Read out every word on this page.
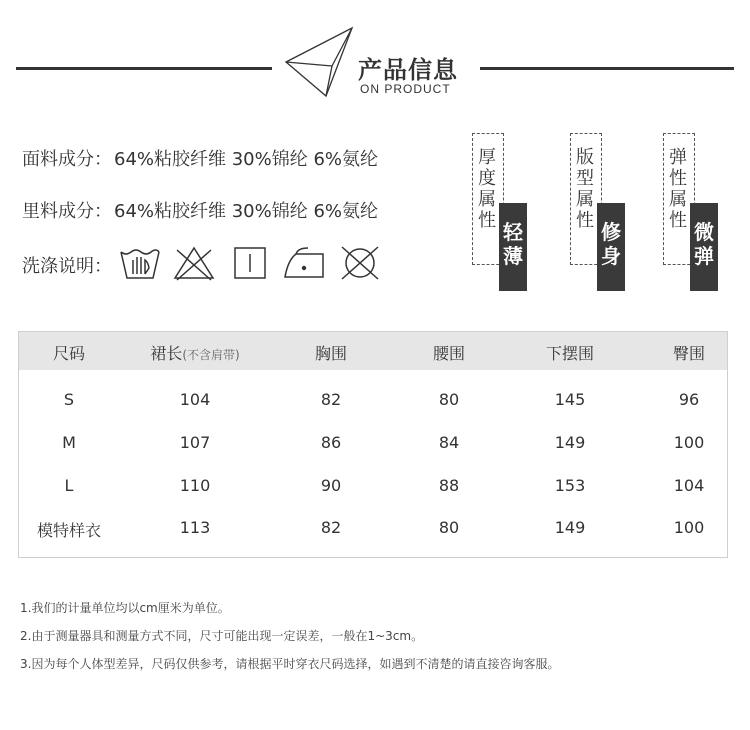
产品信息
ON PRODUCT
面料成分： 64%粘胶纤维 30%锦纶 6%氨纶
里料成分： 64%粘胶纤维 30%锦纶 6%氨纶
洗涤说明：
厚度属性 轻薄
版型属性 修身
弹性属性 微弹
尺码	裙长(不含肩带)	胸围	腰围	下摆围	臀围
S	104	82	80	145	96
M	107	86	84	149	100
L	110	90	88	153	104
模特样衣	113	82	80	149	100
1.我们的计量单位均以cm厘米为单位。
2.由于测量器具和测量方式不同，尺寸可能出现一定误差，一般在1~3cm。
3.因为每个人体型差异，尺码仅供参考，请根据平时穿衣尺码选择，如遇到不清楚的请直接咨询客服。
